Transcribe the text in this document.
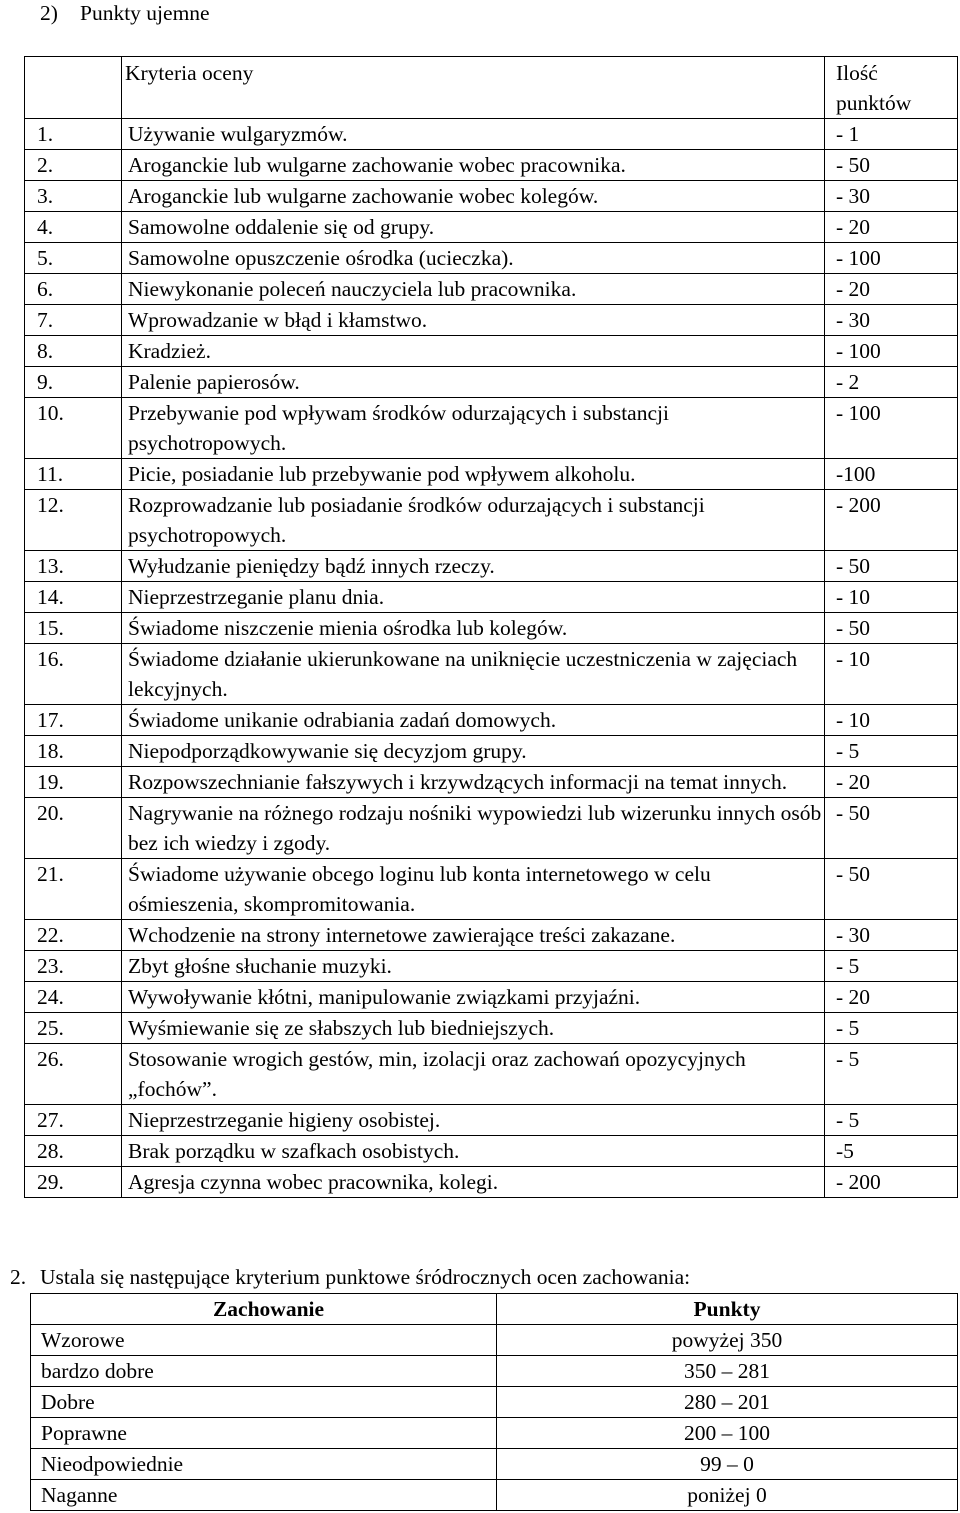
2) Punkty ujemne
	Kryteria oceny	Ilość punktów
1.	Używanie wulgaryzmów.	- 1
2.	Aroganckie lub wulgarne zachowanie wobec pracownika.	- 50
3.	Aroganckie lub wulgarne zachowanie wobec kolegów.	- 30
4.	Samowolne oddalenie się od grupy.	- 20
5.	Samowolne opuszczenie ośrodka (ucieczka).	- 100
6.	Niewykonanie poleceń nauczyciela lub pracownika.	- 20
7.	Wprowadzanie w błąd i kłamstwo.	- 30
8.	Kradzież.	- 100
9.	Palenie papierosów.	- 2
10.	Przebywanie pod wpływam środków odurzających i substancji psychotropowych.	- 100
11.	Picie, posiadanie lub przebywanie pod wpływem alkoholu.	-100
12.	Rozprowadzanie lub posiadanie środków odurzających i substancji psychotropowych.	- 200
13.	Wyłudzanie pieniędzy bądź innych rzeczy.	- 50
14.	Nieprzestrzeganie planu dnia.	- 10
15.	Świadome niszczenie mienia ośrodka lub kolegów.	- 50
16.	Świadome działanie ukierunkowane na uniknięcie uczestniczenia w zajęciach lekcyjnych.	- 10
17.	Świadome unikanie odrabiania zadań domowych.	- 10
18.	Niepodporządkowywanie się decyzjom grupy.	- 5
19.	Rozpowszechnianie fałszywych i krzywdzących informacji na temat innych.	- 20
20.	Nagrywanie na różnego rodzaju nośniki wypowiedzi lub wizerunku innych osób bez ich wiedzy i zgody.	- 50
21.	Świadome używanie obcego loginu lub konta internetowego w celu ośmieszenia, skompromitowania.	- 50
22.	Wchodzenie na strony internetowe zawierające treści zakazane.	- 30
23.	Zbyt głośne słuchanie muzyki.	- 5
24.	Wywoływanie kłótni, manipulowanie związkami przyjaźni.	- 20
25.	Wyśmiewanie się ze słabszych lub biedniejszych.	- 5
26.	Stosowanie wrogich gestów, min, izolacji oraz zachowań opozycyjnych „fochów”.	- 5
27.	Nieprzestrzeganie higieny osobistej.	- 5
28.	Brak porządku w szafkach osobistych.	-5
29.	Agresja czynna wobec pracownika, kolegi.	- 200
2. Ustala się następujące kryterium punktowe śródrocznych ocen zachowania:
Zachowanie	Punkty
Wzorowe	powyżej 350
bardzo dobre	350 – 281
Dobre	280 – 201
Poprawne	200 – 100
Nieodpowiednie	99 – 0
Naganne	poniżej 0
